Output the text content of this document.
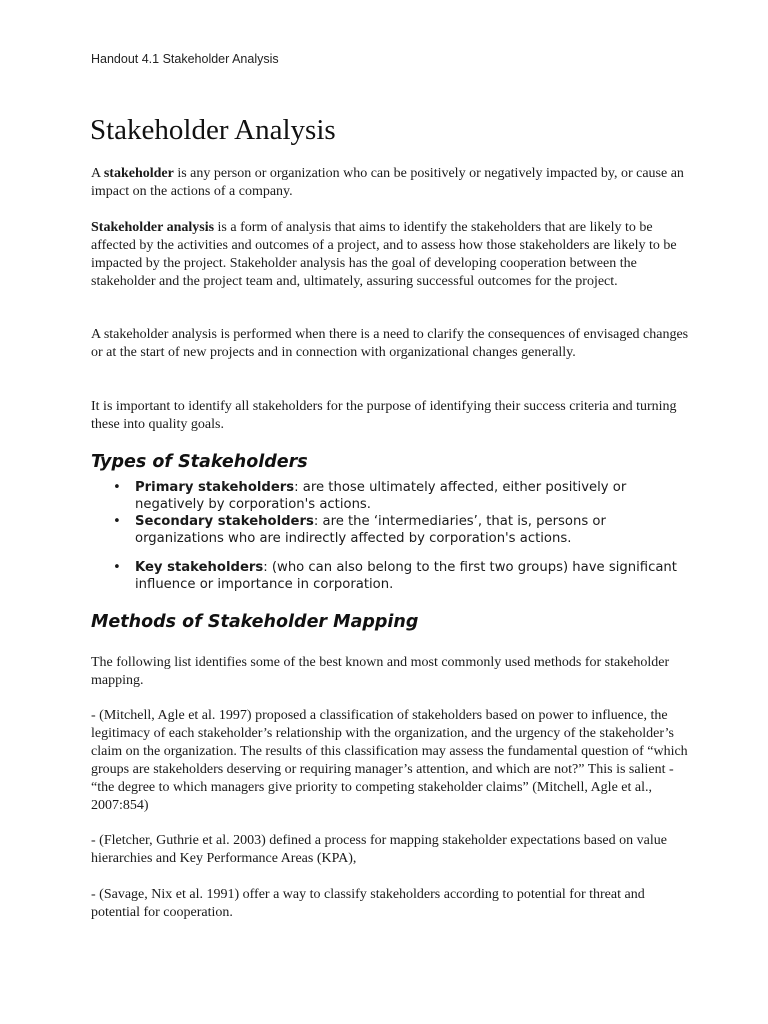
Handout 4.1 Stakeholder Analysis
Stakeholder Analysis

A stakeholder is any person or organization who can be positively or negatively impacted by, or cause an impact on the actions of a company.

Stakeholder analysis is a form of analysis that aims to identify the stakeholders that are likely to be affected by the activities and outcomes of a project, and to assess how those stakeholders are likely to be impacted by the project. Stakeholder analysis has the goal of developing cooperation between the stakeholder and the project team and, ultimately, assuring successful outcomes for the project.

A stakeholder analysis is performed when there is a need to clarify the consequences of envisaged changes or at the start of new projects and in connection with organizational changes generally.

It is important to identify all stakeholders for the purpose of identifying their success criteria and turning these into quality goals.

Types of Stakeholders
• Primary stakeholders: are those ultimately affected, either positively or negatively by corporation's actions.
• Secondary stakeholders: are the ‘intermediaries’, that is, persons or organizations who are indirectly affected by corporation's actions.
• Key stakeholders: (who can also belong to the first two groups) have significant influence or importance in corporation.
Methods of Stakeholder Mapping

The following list identifies some of the best known and most commonly used methods for stakeholder mapping.

- (Mitchell, Agle et al. 1997) proposed a classification of stakeholders based on power to influence, the legitimacy of each stakeholder’s relationship with the organization, and the urgency of the stakeholder’s claim on the organization. The results of this classification may assess the fundamental question of “which groups are stakeholders deserving or requiring manager’s attention, and which are not?” This is salient - “the degree to which managers give priority to competing stakeholder claims” (Mitchell, Agle et al., 2007:854)

- (Fletcher, Guthrie et al. 2003) defined a process for mapping stakeholder expectations based on value hierarchies and Key Performance Areas (KPA),

- (Savage, Nix et al. 1991) offer a way to classify stakeholders according to potential for threat and potential for cooperation.
